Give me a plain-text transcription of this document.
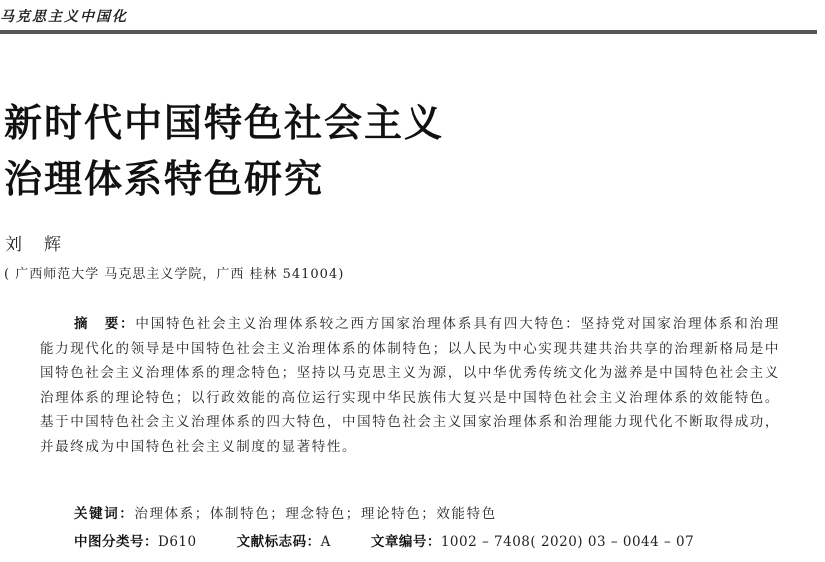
马克思主义中国化
新时代中国特色社会主义
治理体系特色研究
刘 辉
( 广西师范大学 马克思主义学院，广西 桂林 541004)

摘　要：中国特色社会主义治理体系较之西方国家治理体系具有四大特色：坚持党对国家治理体系和治理能力现代化的领导是中国特色社会主义治理体系的体制特色；以人民为中心实现共建共治共享的治理新格局是中国特色社会主义治理体系的理念特色；坚持以马克思主义为源，以中华优秀传统文化为滋养是中国特色社会主义治理体系的理论特色；以行政效能的高位运行实现中华民族伟大复兴是中国特色社会主义治理体系的效能特色。基于中国特色社会主义治理体系的四大特色，中国特色社会主义国家治理体系和治理能力现代化不断取得成功，并最终成为中国特色社会主义制度的显著特性。

关键词：治理体系；体制特色；理念特色；理论特色；效能特色
中图分类号：D610	文献标志码：A	文章编号：1002 – 7408( 2020) 03 – 0044 – 07
